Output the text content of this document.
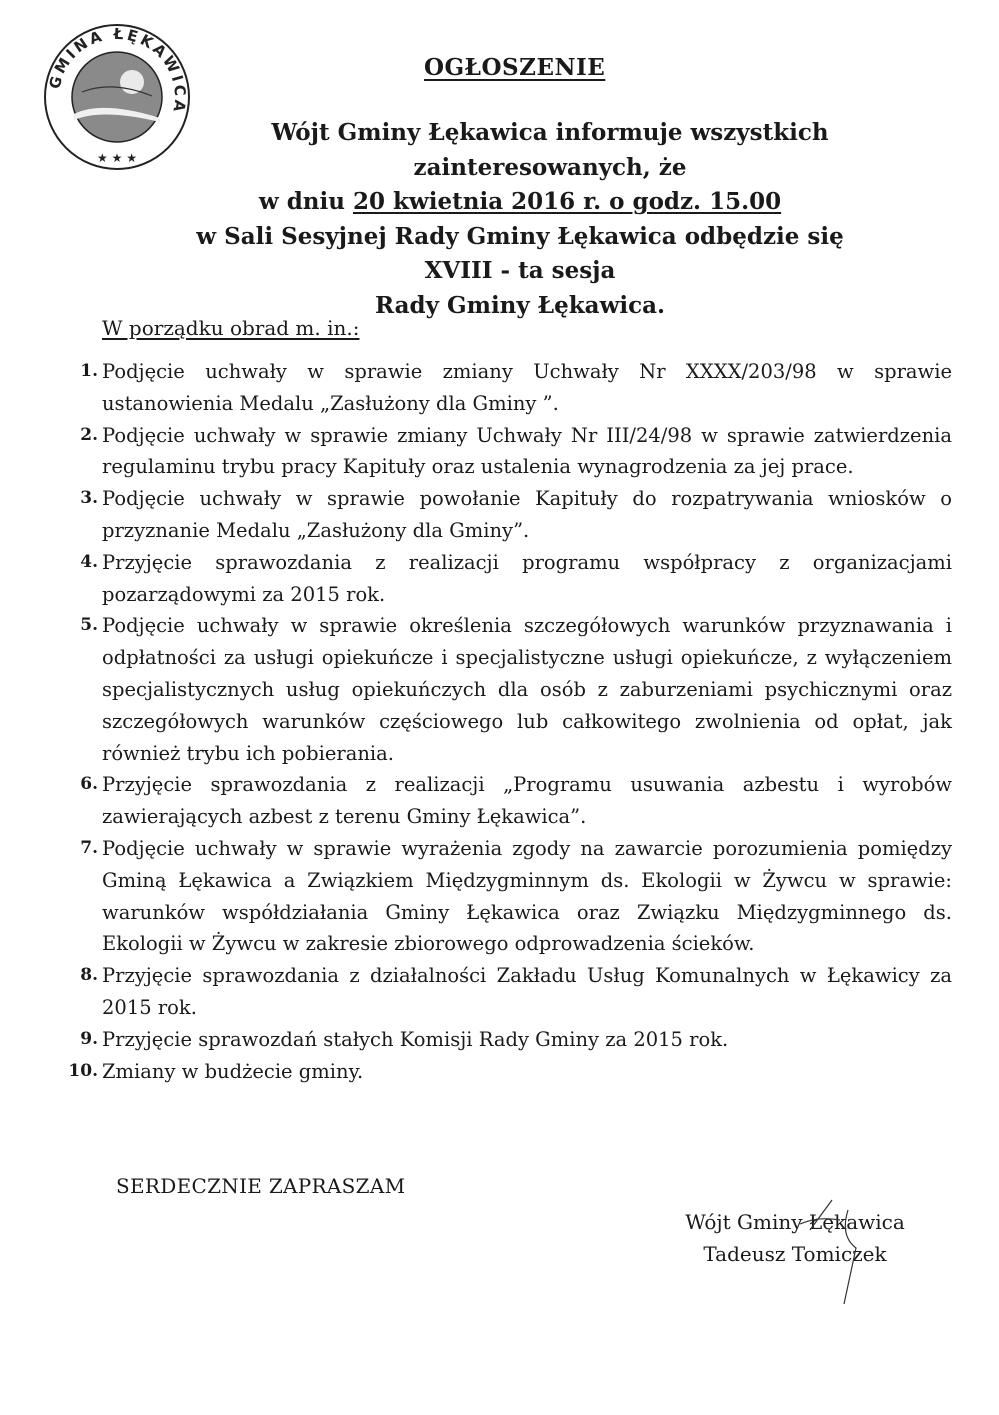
GMINA ŁĘKAWICA
★ ★ ★
OGŁOSZENIE
Wójt Gminy Łękawica informuje wszystkich zainteresowanych, że
w dniu 20 kwietnia 2016 r. o godz. 15.00
w Sali Sesyjnej Rady Gminy Łękawica odbędzie się
XVIII - ta sesja
Rady Gminy Łękawica.
W porządku obrad m. in.:
1. Podjęcie uchwały w sprawie zmiany Uchwały Nr XXXX/203/98 w sprawie ustanowienia Medalu „Zasłużony dla Gminy ”.
2. Podjęcie uchwały w sprawie zmiany Uchwały Nr III/24/98 w sprawie zatwierdzenia regulaminu trybu pracy Kapituły oraz ustalenia wynagrodzenia za jej prace.
3. Podjęcie uchwały w sprawie powołanie Kapituły do rozpatrywania wniosków o przyznanie Medalu „Zasłużony dla Gminy”.
4. Przyjęcie sprawozdania z realizacji programu współpracy z organizacjami pozarządowymi za 2015 rok.
5. Podjęcie uchwały w sprawie określenia szczegółowych warunków przyznawania i odpłatności za usługi opiekuńcze i specjalistyczne usługi opiekuńcze, z wyłączeniem specjalistycznych usług opiekuńczych dla osób z zaburzeniami psychicznymi oraz szczegółowych warunków częściowego lub całkowitego zwolnienia od opłat, jak również trybu ich pobierania.
6. Przyjęcie sprawozdania z realizacji „Programu usuwania azbestu i wyrobów zawierających azbest z terenu Gminy Łękawica”.
7. Podjęcie uchwały w sprawie wyrażenia zgody na zawarcie porozumienia pomiędzy Gminą Łękawica a Związkiem Międzygminnym ds. Ekologii w Żywcu w sprawie: warunków współdziałania Gminy Łękawica oraz Związku Międzygminnego ds. Ekologii w Żywcu w zakresie zbiorowego odprowadzenia ścieków.
8. Przyjęcie sprawozdania z działalności Zakładu Usług Komunalnych w Łękawicy za 2015 rok.
9. Przyjęcie sprawozdań stałych Komisji Rady Gminy za 2015 rok.
10. Zmiany w budżecie gminy.
SERDECZNIE ZAPRASZAM
Wójt Gminy Łękawica
Tadeusz Tomiczek
